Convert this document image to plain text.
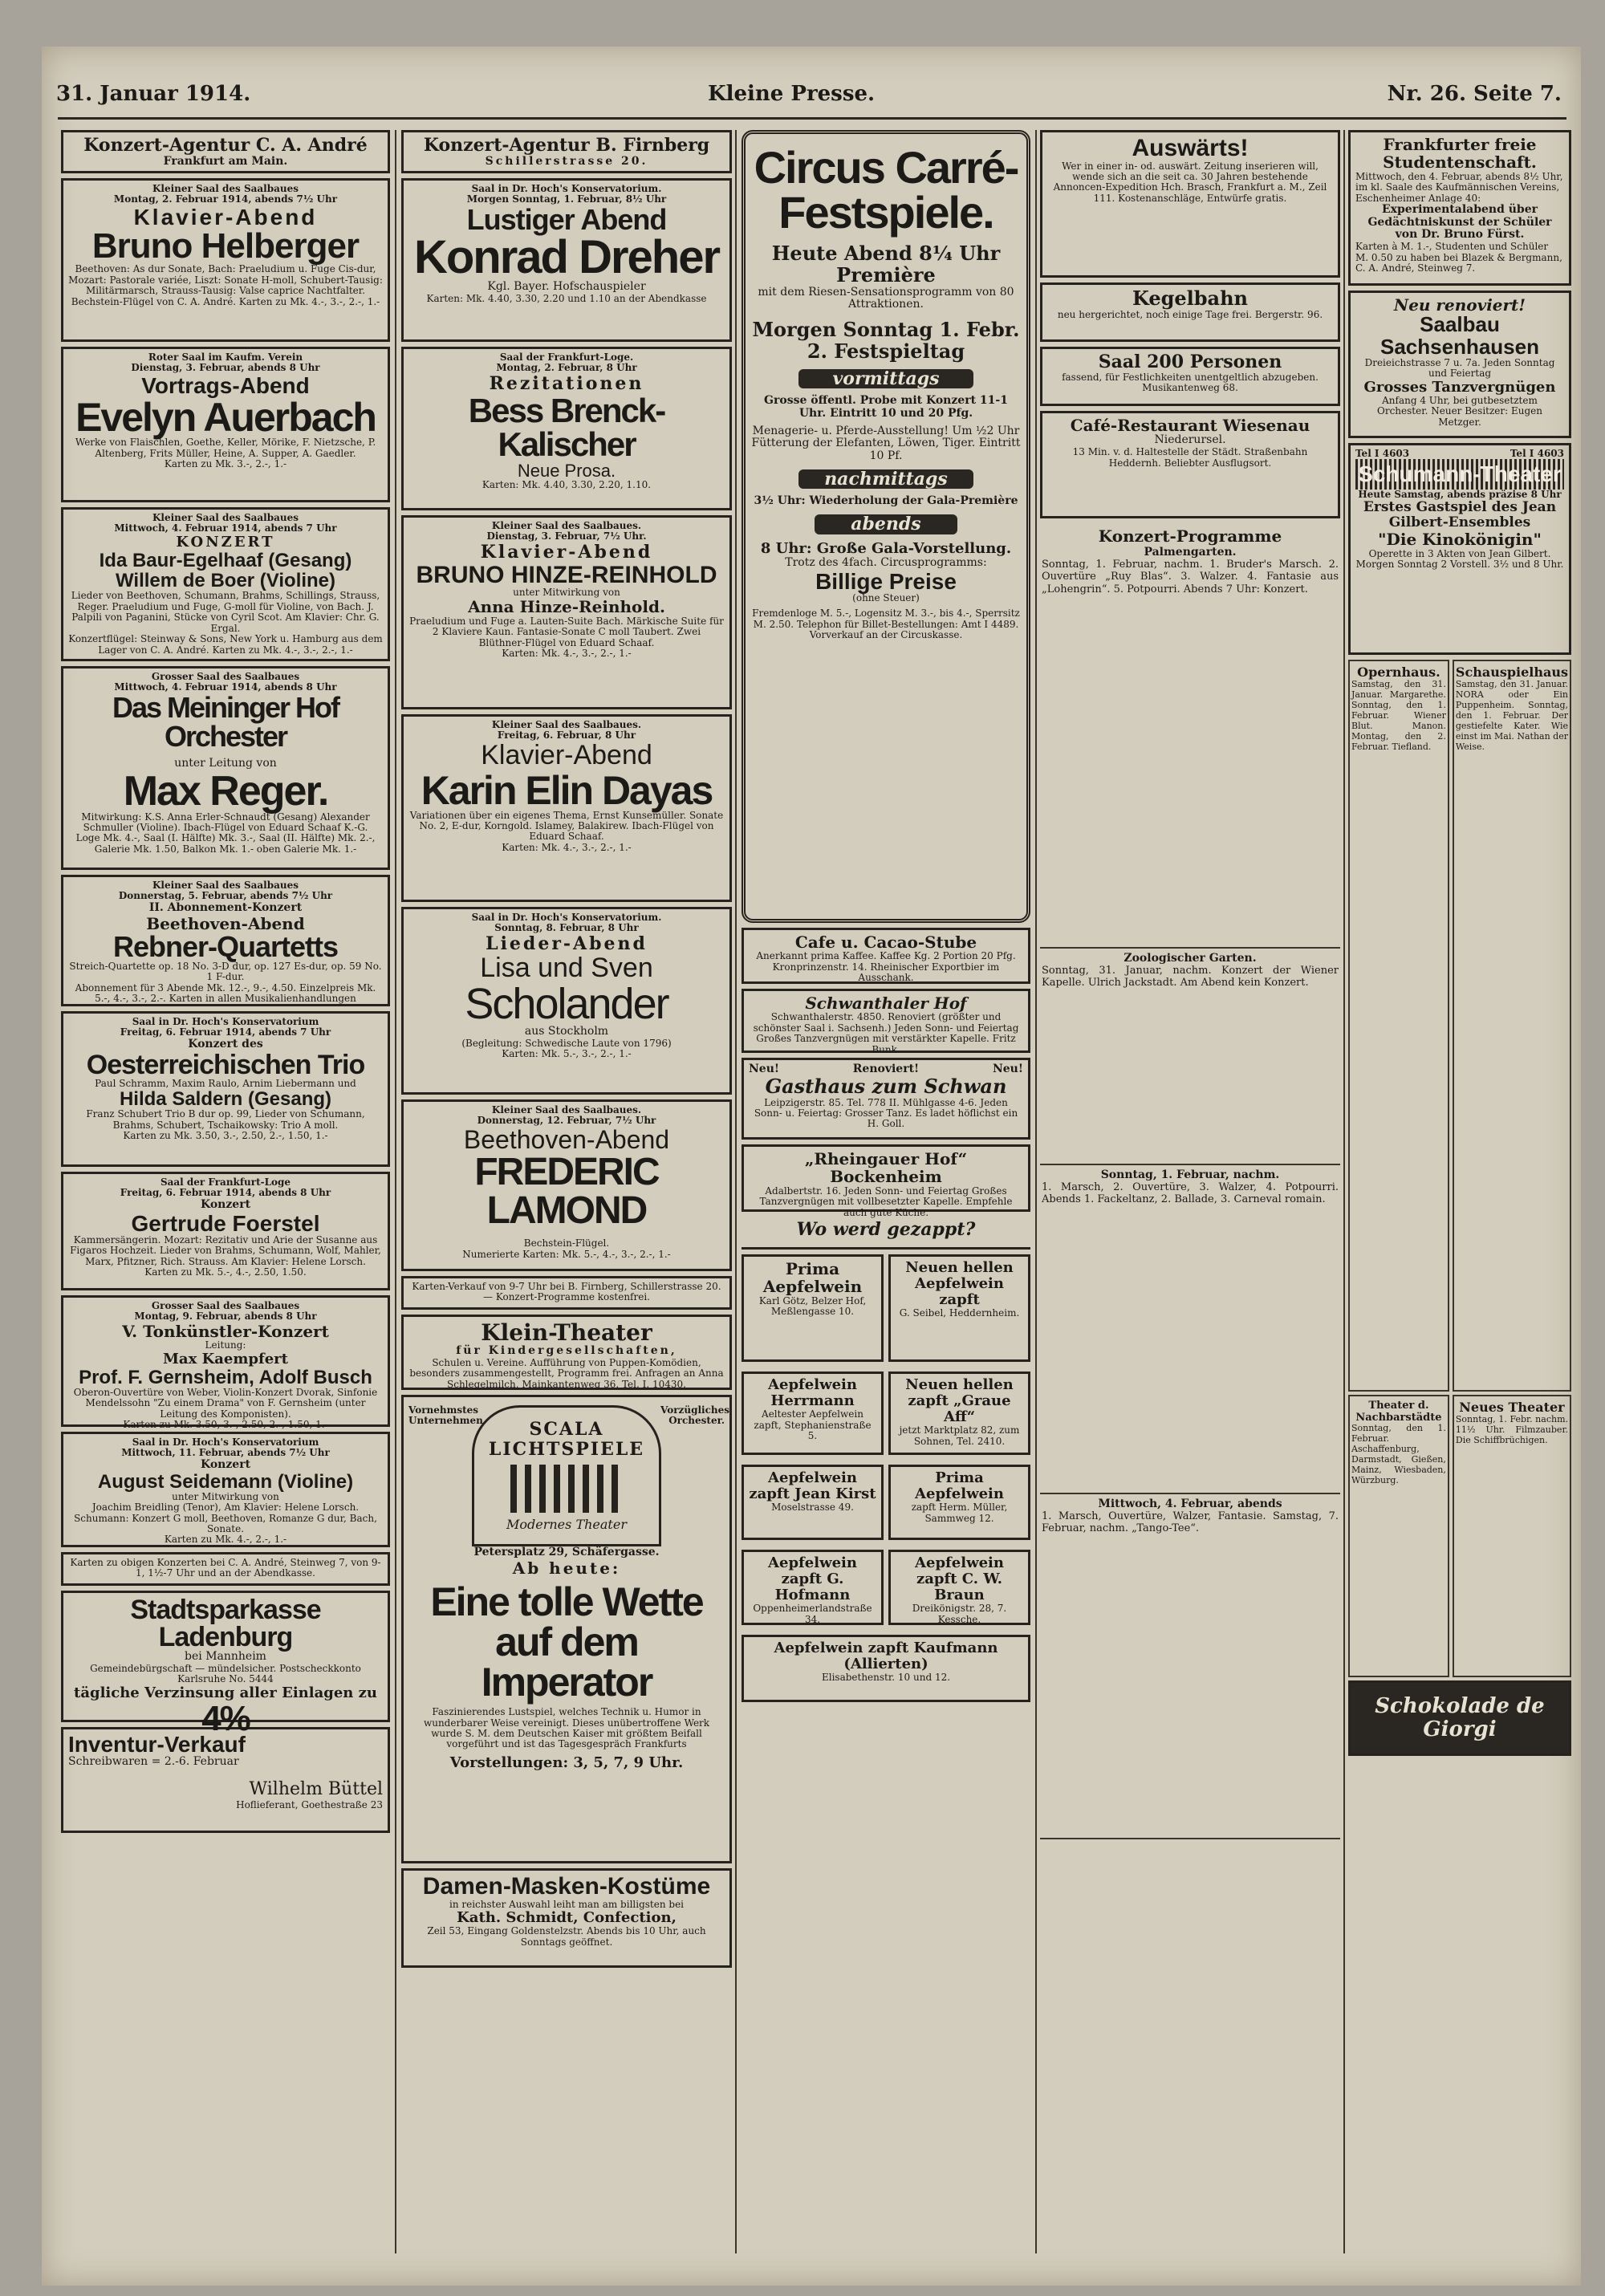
31. Januar 1914.	Kleine Presse.	Nr. 26. Seite 7.
Konzert-Agentur C. A. André
Frankfurt am Main.
Kleiner Saal des Saalbaues
Montag, 2. Februar 1914, abends 7½ Uhr
Klavier-Abend
Bruno Helberger
Beethoven: As dur Sonate, Bach: Praeludium u. Fuge Cis-dur, Mozart: Pastorale variée, Liszt: Sonate H-moll, Schubert-Tausig: Militärmarsch, Strauss-Tausig: Valse caprice Nachtfalter.
Bechstein-Flügel von C. A. André. Karten zu Mk. 4.-, 3.-, 2.-, 1.-
Roter Saal im Kaufm. Verein
Dienstag, 3. Februar, abends 8 Uhr
Vortrags-Abend
Evelyn Auerbach
Werke von Flaischlen, Goethe, Keller, Mörike, F. Nietzsche, P. Altenberg, Frits Müller, Heine, A. Supper, A. Gaedler.
Karten zu Mk. 3.-, 2.-, 1.-
Kleiner Saal des Saalbaues
Mittwoch, 4. Februar 1914, abends 7 Uhr
KONZERT
Ida Baur-Egelhaaf (Gesang)
Willem de Boer (Violine)
Lieder von Beethoven, Schumann, Brahms, Schillings, Strauss, Reger. Praeludium und Fuge, G-moll für Violine, von Bach. J. Palpili von Paganini, Stücke von Cyril Scot. Am Klavier: Chr. G. Ergal.
Konzertflügel: Steinway & Sons, New York u. Hamburg aus dem Lager von C. A. André. Karten zu Mk. 4.-, 3.-, 2.-, 1.-
Grosser Saal des Saalbaues
Mittwoch, 4. Februar 1914, abends 8 Uhr
Das Meininger Hof Orchester
unter Leitung von
Max Reger.
Mitwirkung: K.S. Anna Erler-Schnaudt (Gesang) Alexander Schmuller (Violine). Ibach-Flügel von Eduard Schaaf K.-G.
Loge Mk. 4.-, Saal (I. Hälfte) Mk. 3.-, Saal (II. Hälfte) Mk. 2.-, Galerie Mk. 1.50, Balkon Mk. 1.- oben Galerie Mk. 1.-
Kleiner Saal des Saalbaues
Donnerstag, 5. Februar, abends 7½ Uhr
II. Abonnement-Konzert
Beethoven-Abend
Rebner-Quartetts
Streich-Quartette op. 18 No. 3-D dur, op. 127 Es-dur, op. 59 No. 1 F-dur.
Abonnement für 3 Abende Mk. 12.-, 9.-, 4.50. Einzelpreis Mk. 5.-, 4.-, 3.-, 2.-. Karten in allen Musikalienhandlungen
Saal in Dr. Hoch's Konservatorium
Freitag, 6. Februar 1914, abends 7 Uhr
Konzert des
Oesterreichischen Trio
Paul Schramm, Maxim Raulo, Arnim Liebermann und
Hilda Saldern (Gesang)
Franz Schubert Trio B dur op. 99, Lieder von Schumann, Brahms, Schubert, Tschaikowsky: Trio A moll.
Karten zu Mk. 3.50, 3.-, 2.50, 2.-, 1.50, 1.-
Saal der Frankfurt-Loge
Freitag, 6. Februar 1914, abends 8 Uhr
Konzert
Gertrude Foerstel
Kammersängerin. Mozart: Rezitativ und Arie der Susanne aus Figaros Hochzeit. Lieder von Brahms, Schumann, Wolf, Mahler, Marx, Pfitzner, Rich. Strauss. Am Klavier: Helene Lorsch.
Karten zu Mk. 5.-, 4.-, 2.50, 1.50.
Grosser Saal des Saalbaues
Montag, 9. Februar, abends 8 Uhr
V. Tonkünstler-Konzert
Leitung:
Max Kaempfert
Prof. F. Gernsheim, Adolf Busch
Oberon-Ouvertüre von Weber, Violin-Konzert Dvorak, Sinfonie Mendelssohn "Zu einem Drama" von F. Gernsheim (unter Leitung des Komponisten).
Karten zu Mk. 3.50, 3.-, 2.50, 2.-, 1.50, 1.-
Saal in Dr. Hoch's Konservatorium
Mittwoch, 11. Februar, abends 7½ Uhr
Konzert
August Seidemann (Violine)
unter Mitwirkung von
Joachim Breidling (Tenor), Am Klavier: Helene Lorsch. Schumann: Konzert G moll, Beethoven, Romanze G dur, Bach, Sonate.
Karten zu Mk. 4.-, 2.-, 1.-
Karten zu obigen Konzerten bei C. A. André, Steinweg 7, von 9-1, 1½-7 Uhr und an der Abendkasse.
Stadtsparkasse Ladenburg
bei Mannheim
Gemeindebürgschaft — mündelsicher. Postscheckkonto Karlsruhe No. 5444
tägliche Verzinsung aller Einlagen zu
4%
Inventur-Verkauf
Schreibwaren = 2.-6. Februar
Wilhelm Büttel
Hoflieferant, Goethestraße 23
Konzert-Agentur B. Firnberg
Schillerstrasse 20.
Saal in Dr. Hoch's Konservatorium.
Morgen Sonntag, 1. Februar, 8½ Uhr
Lustiger Abend
Konrad Dreher
Kgl. Bayer. Hofschauspieler
Karten: Mk. 4.40, 3.30, 2.20 und 1.10 an der Abendkasse
Saal der Frankfurt-Loge.
Montag, 2. Februar, 8 Uhr
Rezitationen
Bess Brenck-Kalischer
Neue Prosa.
Karten: Mk. 4.40, 3.30, 2.20, 1.10.
Kleiner Saal des Saalbaues.
Dienstag, 3. Februar, 7½ Uhr.
Klavier-Abend
BRUNO HINZE-REINHOLD
unter Mitwirkung von
Anna Hinze-Reinhold.
Praeludium und Fuge a. Lauten-Suite Bach. Märkische Suite für 2 Klaviere Kaun. Fantasie-Sonate C moll Taubert. Zwei Blüthner-Flügel von Eduard Schaaf.
Karten: Mk. 4.-, 3.-, 2.-, 1.-
Kleiner Saal des Saalbaues.
Freitag, 6. Februar, 8 Uhr
Klavier-Abend
Karin Elin Dayas
Variationen über ein eigenes Thema, Ernst Kunsemüller. Sonate No. 2, E-dur, Korngold. Islamey, Balakirew. Ibach-Flügel von Eduard Schaaf.
Karten: Mk. 4.-, 3.-, 2.-, 1.-
Saal in Dr. Hoch's Konservatorium.
Sonntag, 8. Februar, 8 Uhr
Lieder-Abend
Lisa und Sven
Scholander
aus Stockholm
(Begleitung: Schwedische Laute von 1796)
Karten: Mk. 5.-, 3.-, 2.-, 1.-
Kleiner Saal des Saalbaues.
Donnerstag, 12. Februar, 7½ Uhr
Beethoven-Abend
FREDERIC LAMOND
Bechstein-Flügel.
Numerierte Karten: Mk. 5.-, 4.-, 3.-, 2.-, 1.-
Karten-Verkauf von 9-7 Uhr bei B. Firnberg, Schillerstrasse 20. — Konzert-Programme kostenfrei.
Klein-Theater
für Kindergesellschaften,
Schulen u. Vereine. Aufführung von Puppen-Komödien, besonders zusammengestellt, Programm frei. Anfragen an Anna Schlegelmilch, Mainkantenweg 36. Tel. I. 10430.
Vornehmstes Unternehmen
Vorzügliches Orchester.
SCALA LICHTSPIELE
Modernes Theater
Petersplatz 29, Schäfergasse.
Ab heute:
Eine tolle Wette auf dem Imperator
Faszinierendes Lustspiel, welches Technik u. Humor in wunderbarer Weise vereinigt. Dieses unübertroffene Werk wurde S. M. dem Deutschen Kaiser mit größtem Beifall vorgeführt und ist das Tagesgespräch Frankfurts
Vorstellungen: 3, 5, 7, 9 Uhr.
Damen-Masken-Kostüme
in reichster Auswahl leiht man am billigsten bei
Kath. Schmidt, Confection,
Zeil 53, Eingang Goldenstelzstr. Abends bis 10 Uhr, auch Sonntags geöffnet.
Circus Carré-Festspiele.
Heute Abend 8¼ Uhr Première
mit dem Riesen-Sensationsprogramm von 80 Attraktionen.
Morgen Sonntag 1. Febr. 2. Festspieltag
vormittags
Grosse öffentl. Probe mit Konzert 11-1 Uhr. Eintritt 10 und 20 Pfg.
Menagerie- u. Pferde-Ausstellung! Um ½2 Uhr Fütterung der Elefanten, Löwen, Tiger. Eintritt 10 Pf.
nachmittags
3½ Uhr: Wiederholung der Gala-Première
abends
8 Uhr: Große Gala-Vorstellung.
Trotz des 4fach. Circusprogramms:
Billige Preise
(ohne Steuer)
Fremdenloge M. 5.-, Logensitz M. 3.-, bis 4.-, Sperrsitz M. 2.50. Telephon für Billet-Bestellungen: Amt I 4489. Vorverkauf an der Circuskasse.
Cafe u. Cacao-Stube
Anerkannt prima Kaffee. Kaffee Kg. 2 Portion 20 Pfg. Kronprinzenstr. 14. Rheinischer Exportbier im Ausschank.
Schwanthaler Hof
Schwanthalerstr. 4850. Renoviert (größter und schönster Saal i. Sachsenh.) Jeden Sonn- und Feiertag Großes Tanzvergnügen mit verstärkter Kapelle. Fritz Bunk.
Neu!	Renoviert!	Neu!
Gasthaus zum Schwan
Leipzigerstr. 85. Tel. 778 II. Mühlgasse 4-6. Jeden Sonn- u. Feiertag: Grosser Tanz. Es ladet höflichst ein H. Goll.
„Rheingauer Hof“ Bockenheim
Adalbertstr. 16. Jeden Sonn- und Feiertag Großes Tanzvergnügen mit vollbesetzter Kapelle. Empfehle auch gute Küche.
Wo werd gezappt?
Prima Aepfelwein
Karl Götz, Belzer Hof, Meßlengasse 10.
Neuen hellen Aepfelwein zapft
G. Seibel, Heddernheim.
Aepfelwein Herrmann
Aeltester Aepfelwein zapft, Stephanienstraße 5.
Neuen hellen zapft „Graue Aff“
jetzt Marktplatz 82, zum Sohnen, Tel. 2410.
Aepfelwein zapft Jean Kirst
Moselstrasse 49.
Prima Aepfelwein
zapft Herm. Müller, Sammweg 12.
Aepfelwein zapft G. Hofmann
Oppenheimerlandstraße 34.
Aepfelwein zapft C. W. Braun
Dreikönigstr. 28, 7. Kessche.
Aepfelwein zapft Kaufmann (Allierten)
Elisabethenstr. 10 und 12.
Auswärts!
Wer in einer in- od. auswärt. Zeitung inserieren will, wende sich an die seit ca. 30 Jahren bestehende Annoncen-Expedition Hch. Brasch, Frankfurt a. M., Zeil 111. Kostenanschläge, Entwürfe gratis.
Kegelbahn
neu hergerichtet, noch einige Tage frei. Bergerstr. 96.
Saal 200 Personen
fassend, für Festlichkeiten unentgeltlich abzugeben. Musikantenweg 68.
Café-Restaurant Wiesenau
Niederursel.
13 Min. v. d. Haltestelle der Städt. Straßenbahn Heddernh. Beliebter Ausflugsort.
Konzert-Programme
Palmengarten.
Sonntag, 1. Februar, nachm. 1. Bruder's Marsch. 2. Ouvertüre „Ruy Blas“. 3. Walzer. 4. Fantasie aus „Lohengrin“. 5. Potpourri. Abends 7 Uhr: Konzert.
Zoologischer Garten.
Sonntag, 31. Januar, nachm. Konzert der Wiener Kapelle. Ulrich Jackstadt. Am Abend kein Konzert.
Sonntag, 1. Februar, nachm.
1. Marsch, 2. Ouvertüre, 3. Walzer, 4. Potpourri. Abends 1. Fackeltanz, 2. Ballade, 3. Carneval romain.
Mittwoch, 4. Februar, abends
1. Marsch, Ouvertüre, Walzer, Fantasie. Samstag, 7. Februar, nachm. „Tango-Tee“.
Frankfurter freie Studentenschaft.
Mittwoch, den 4. Februar, abends 8½ Uhr, im kl. Saale des Kaufmännischen Vereins, Eschenheimer Anlage 40:
Experimentalabend über Gedächtniskunst der Schüler von Dr. Bruno Fürst.
Karten à M. 1.-, Studenten und Schüler M. 0.50 zu haben bei Blazek & Bergmann, C. A. André, Steinweg 7.
Neu renoviert!
Saalbau Sachsenhausen
Dreieichstrasse 7 u. 7a. Jeden Sonntag und Feiertag
Grosses Tanzvergnügen
Anfang 4 Uhr, bei gutbesetztem Orchester. Neuer Besitzer: Eugen Metzger.
Tel I 4603	Tel I 4603
Schumann-Theater
Heute Samstag, abends präzise 8 Uhr
Erstes Gastspiel des Jean Gilbert-Ensembles
"Die Kinokönigin"
Operette in 3 Akten von Jean Gilbert. Morgen Sonntag 2 Vorstell. 3½ und 8 Uhr.
Opernhaus.
Samstag, den 31. Januar. Margarethe. Sonntag, den 1. Februar. Wiener Blut. Manon. Montag, den 2. Februar. Tiefland.
Schauspielhaus
Samstag, den 31. Januar. NORA oder Ein Puppenheim. Sonntag, den 1. Februar. Der gestiefelte Kater. Wie einst im Mai. Nathan der Weise.
Theater d. Nachbarstädte
Sonntag, den 1. Februar. Aschaffenburg, Darmstadt, Gießen, Mainz, Wiesbaden, Würzburg.
Neues Theater
Sonntag, 1. Febr. nachm. 11½ Uhr. Filmzauber. Die Schiffbrüchigen.
Schokolade de Giorgi
